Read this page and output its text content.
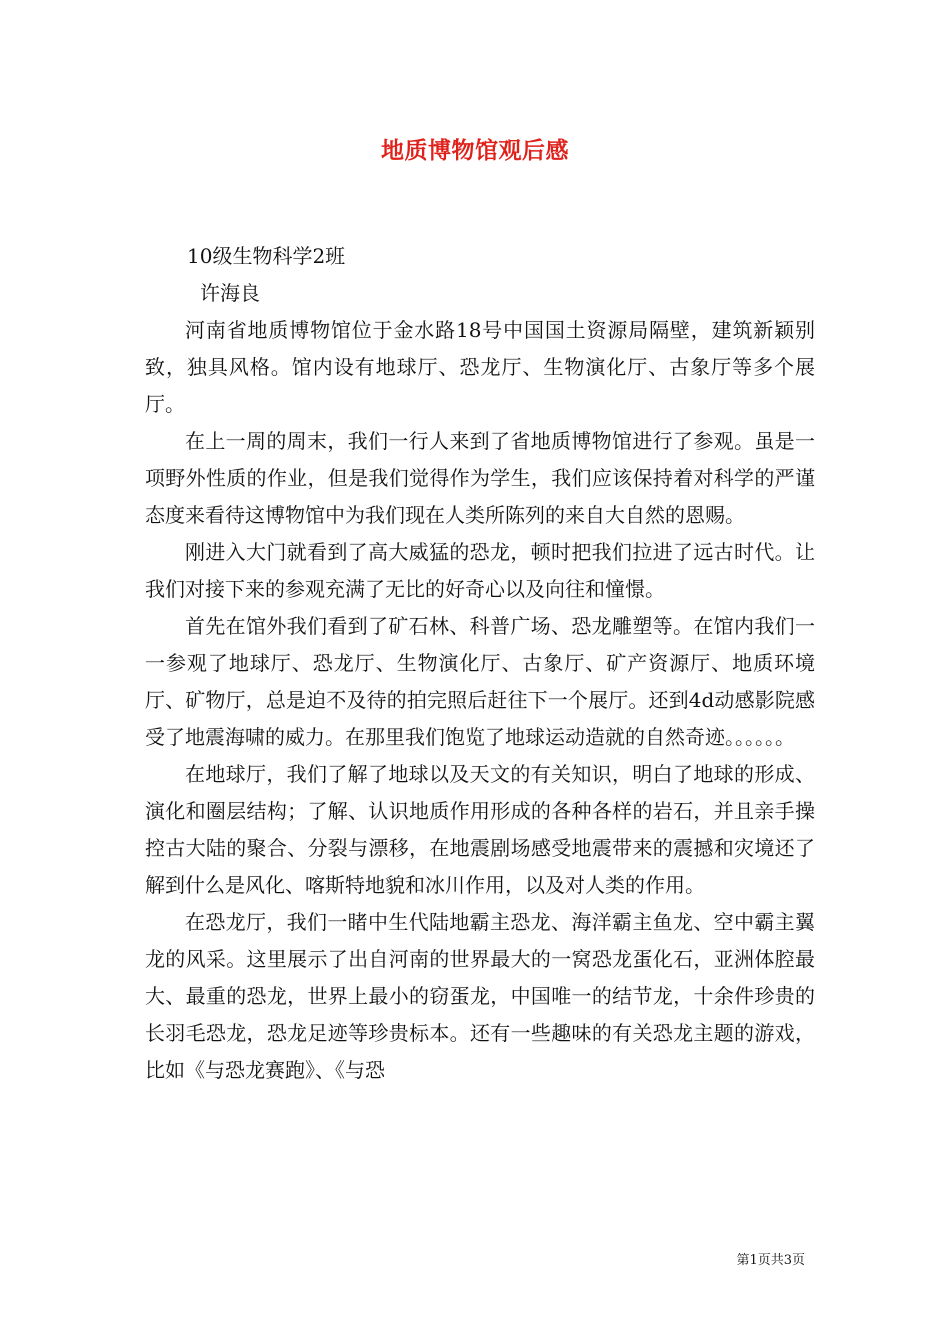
地质博物馆观后感
10级生物科学2班
许海良

河南省地质博物馆位于金水路18号中国国土资源局隔壁，建筑新颖别致，独具风格。馆内设有地球厅、恐龙厅、生物演化厅、古象厅等多个展厅。

在上一周的周末，我们一行人来到了省地质博物馆进行了参观。虽是一项野外性质的作业，但是我们觉得作为学生，我们应该保持着对科学的严谨态度来看待这博物馆中为我们现在人类所陈列的来自大自然的恩赐。

刚进入大门就看到了高大威猛的恐龙，顿时把我们拉进了远古时代。让我们对接下来的参观充满了无比的好奇心以及向往和憧憬。

首先在馆外我们看到了矿石林、科普广场、恐龙雕塑等。在馆内我们一一参观了地球厅、恐龙厅、生物演化厅、古象厅、矿产资源厅、地质环境厅、矿物厅，总是迫不及待的拍完照后赶往下一个展厅。还到4d动感影院感受了地震海啸的威力。在那里我们饱览了地球运动造就的自然奇迹。。。。。。

在地球厅，我们了解了地球以及天文的有关知识，明白了地球的形成、演化和圈层结构；了解、认识地质作用形成的各种各样的岩石，并且亲手操控古大陆的聚合、分裂与漂移，在地震剧场感受地震带来的震撼和灾境还了解到什么是风化、喀斯特地貌和冰川作用，以及对人类的作用。

在恐龙厅，我们一睹中生代陆地霸主恐龙、海洋霸主鱼龙、空中霸主翼龙的风采。这里展示了出自河南的世界最大的一窝恐龙蛋化石，亚洲体腔最大、最重的恐龙，世界上最小的窃蛋龙，中国唯一的结节龙，十余件珍贵的长羽毛恐龙，恐龙足迹等珍贵标本。还有一些趣味的有关恐龙主题的游戏，比如《与恐龙赛跑》、《与恐

第1页共3页
